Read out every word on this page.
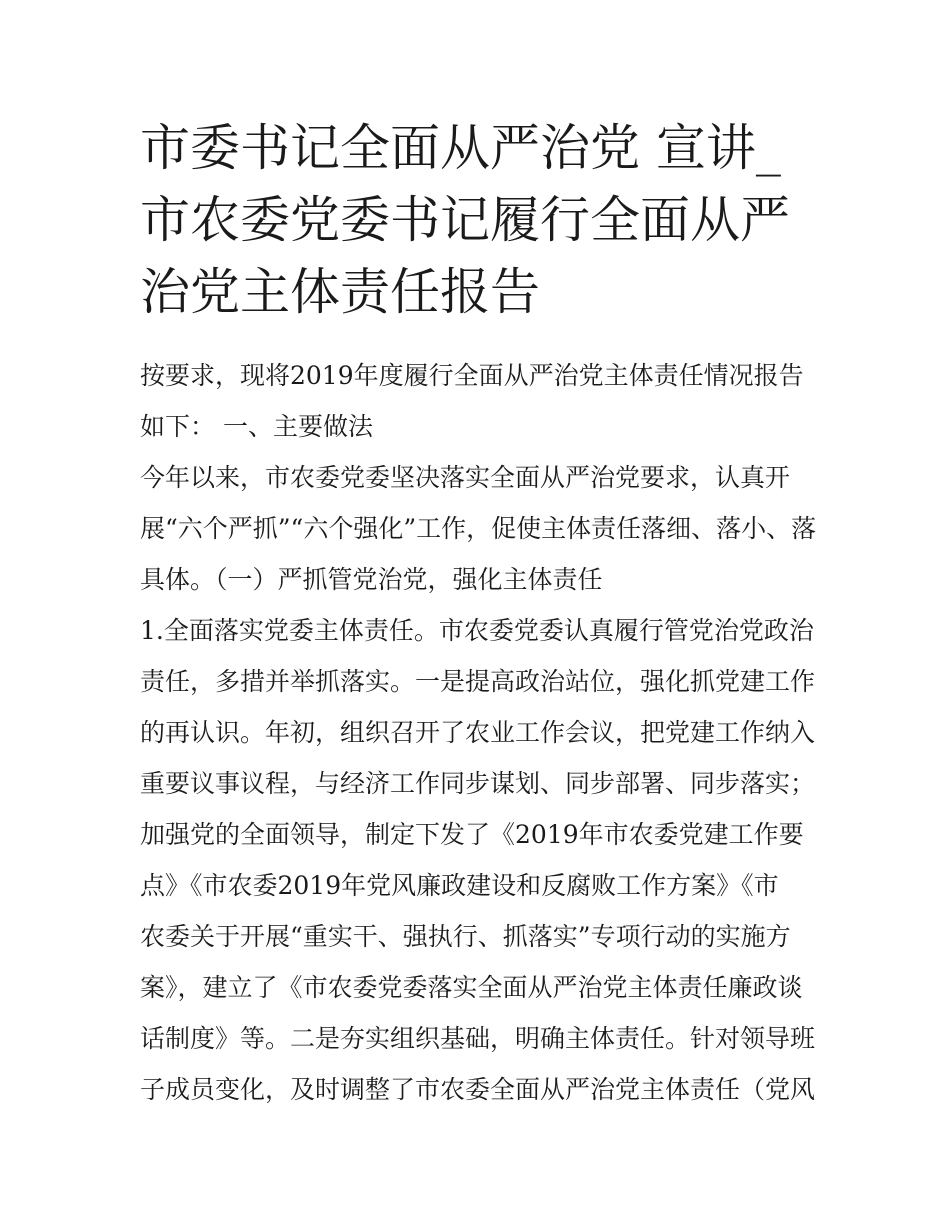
市委书记全面从严治党 宣讲_
市农委党委书记履行全面从严
治党主体责任报告
按要求，现将2019年度履行全面从严治党主体责任情况报告
如下： 一、主要做法
今年以来，市农委党委坚决落实全面从严治党要求，认真开
展“六个严抓”“六个强化”工作，促使主体责任落细、落小、落
具体。（一）严抓管党治党，强化主体责任
1.全面落实党委主体责任。市农委党委认真履行管党治党政治
责任，多措并举抓落实。一是提高政治站位，强化抓党建工作
的再认识。年初，组织召开了农业工作会议，把党建工作纳入
重要议事议程，与经济工作同步谋划、同步部署、同步落实；
加强党的全面领导，制定下发了《2019年市农委党建工作要
点》《市农委2019年党风廉政建设和反腐败工作方案》《市
农委关于开展“重实干、强执行、抓落实”专项行动的实施方
案》，建立了《市农委党委落实全面从严治党主体责任廉政谈
话制度》等。二是夯实组织基础，明确主体责任。针对领导班
子成员变化，及时调整了市农委全面从严治党主体责任（党风
